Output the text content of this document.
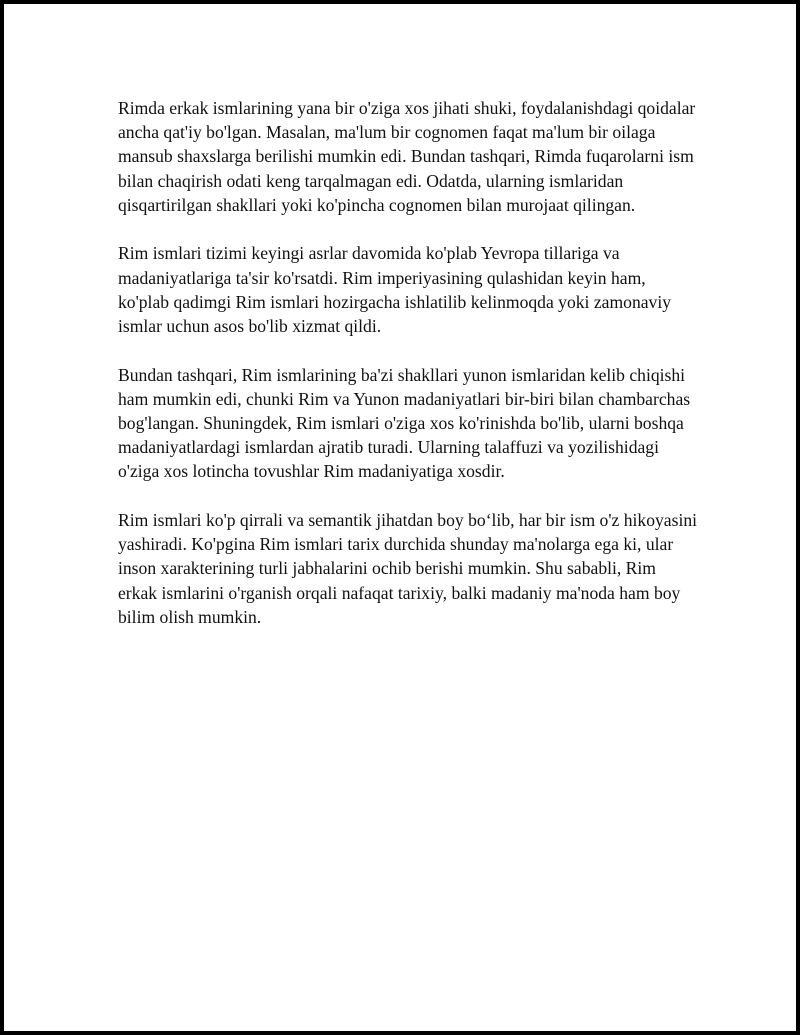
Rimda erkak ismlarining yana bir o'ziga xos jihati shuki, foydalanishdagi qoidalar ancha qat'iy bo'lgan. Masalan, ma'lum bir cognomen faqat ma'lum bir oilaga mansub shaxslarga berilishi mumkin edi. Bundan tashqari, Rimda fuqarolarni ism bilan chaqirish odati keng tarqalmagan edi. Odatda, ularning ismlaridan qisqartirilgan shakllari yoki ko'pincha cognomen bilan murojaat qilingan.

Rim ismlari tizimi keyingi asrlar davomida ko'plab Yevropa tillariga va madaniyatlariga ta'sir ko'rsatdi. Rim imperiyasining qulashidan keyin ham, ko'plab qadimgi Rim ismlari hozirgacha ishlatilib kelinmoqda yoki zamonaviy ismlar uchun asos bo'lib xizmat qildi.

Bundan tashqari, Rim ismlarining ba'zi shakllari yunon ismlaridan kelib chiqishi ham mumkin edi, chunki Rim va Yunon madaniyatlari bir-biri bilan chambarchas bog'langan. Shuningdek, Rim ismlari o'ziga xos ko'rinishda bo'lib, ularni boshqa madaniyatlardagi ismlardan ajratib turadi. Ularning talaffuzi va yozilishidagi o'ziga xos lotincha tovushlar Rim madaniyatiga xosdir.

Rim ismlari ko'p qirrali va semantik jihatdan boy bo‘lib, har bir ism o'z hikoyasini yashiradi. Ko'pgina Rim ismlari tarix durchida shunday ma'nolarga ega ki, ular inson xarakterining turli jabhalarini ochib berishi mumkin. Shu sababli, Rim erkak ismlarini o'rganish orqali nafaqat tarixiy, balki madaniy ma'noda ham boy bilim olish mumkin.
